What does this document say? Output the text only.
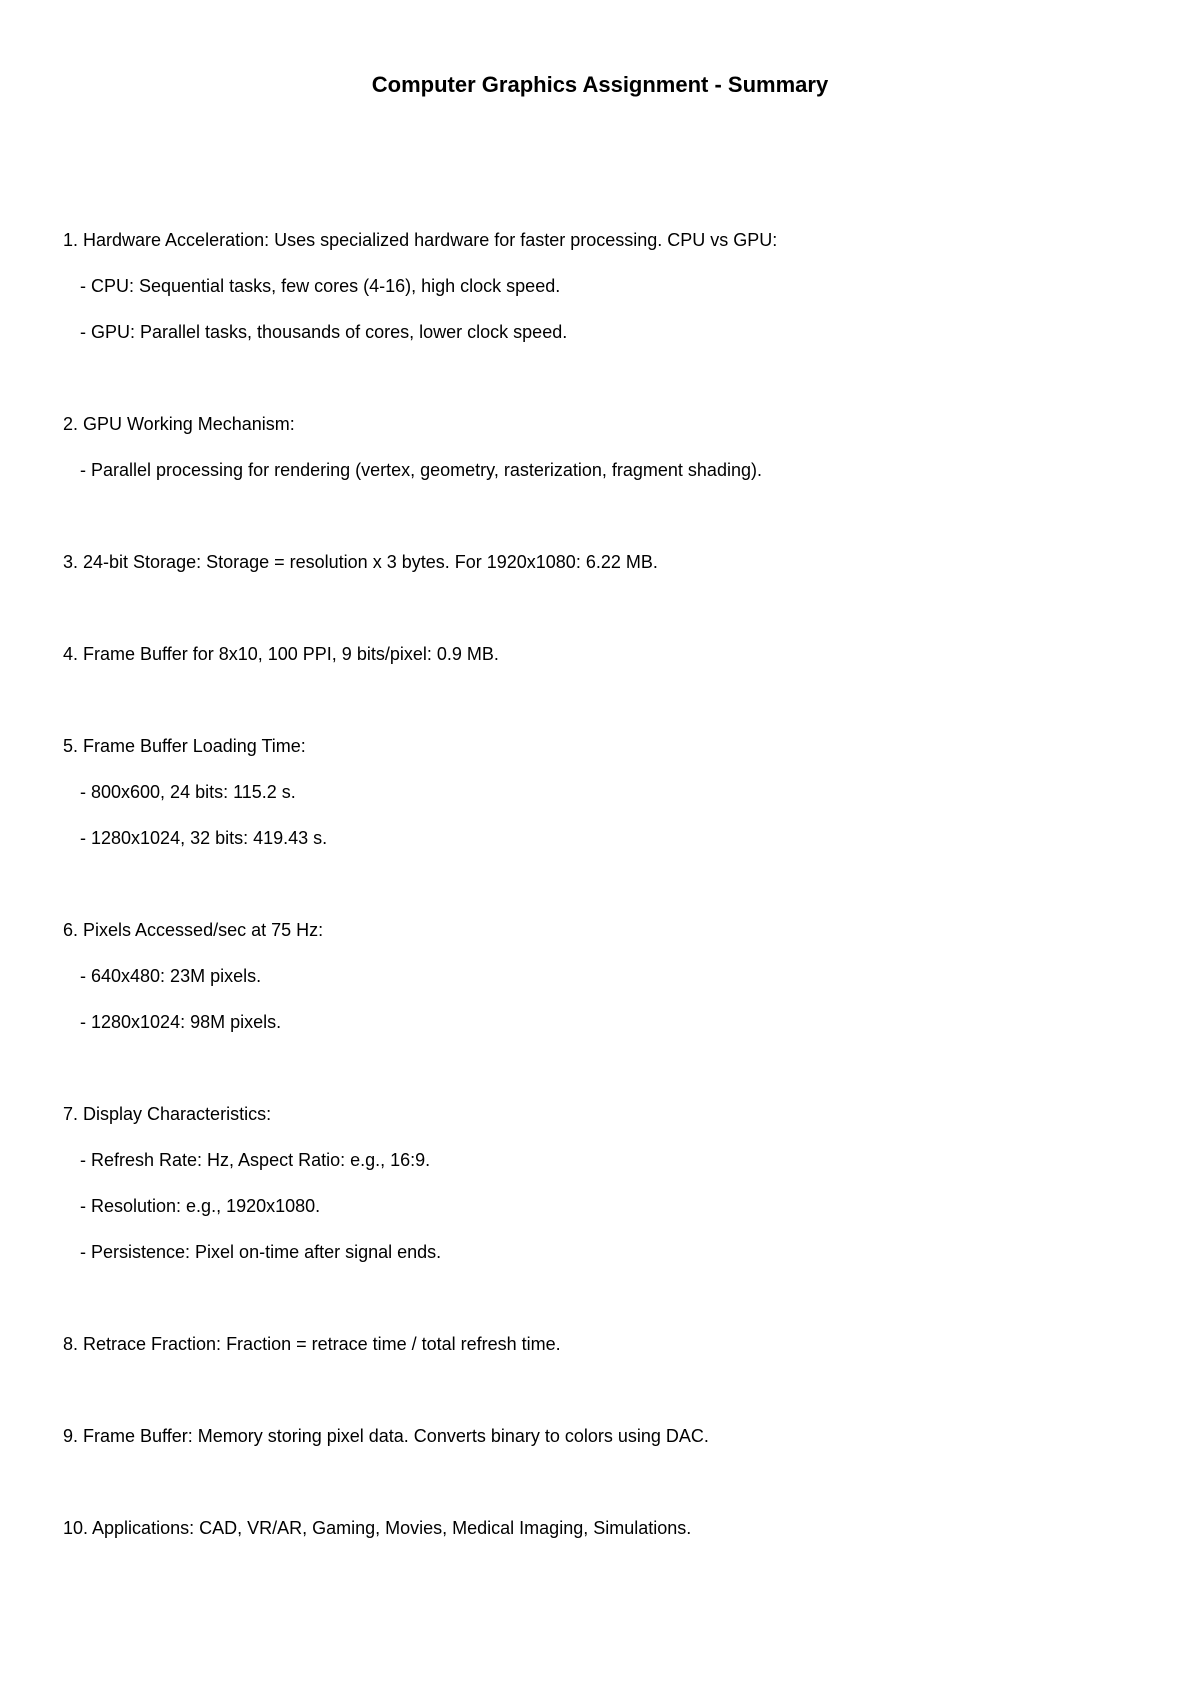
Computer Graphics Assignment - Summary

1. Hardware Acceleration: Uses specialized hardware for faster processing. CPU vs GPU:

- CPU: Sequential tasks, few cores (4-16), high clock speed.

- GPU: Parallel tasks, thousands of cores, lower clock speed.

2. GPU Working Mechanism:

- Parallel processing for rendering (vertex, geometry, rasterization, fragment shading).

3. 24-bit Storage: Storage = resolution x 3 bytes. For 1920x1080: 6.22 MB.

4. Frame Buffer for 8x10, 100 PPI, 9 bits/pixel: 0.9 MB.

5. Frame Buffer Loading Time:

- 800x600, 24 bits: 115.2 s.

- 1280x1024, 32 bits: 419.43 s.

6. Pixels Accessed/sec at 75 Hz:

- 640x480: 23M pixels.

- 1280x1024: 98M pixels.

7. Display Characteristics:

- Refresh Rate: Hz, Aspect Ratio: e.g., 16:9.

- Resolution: e.g., 1920x1080.

- Persistence: Pixel on-time after signal ends.

8. Retrace Fraction: Fraction = retrace time / total refresh time.

9. Frame Buffer: Memory storing pixel data. Converts binary to colors using DAC.

10. Applications: CAD, VR/AR, Gaming, Movies, Medical Imaging, Simulations.
